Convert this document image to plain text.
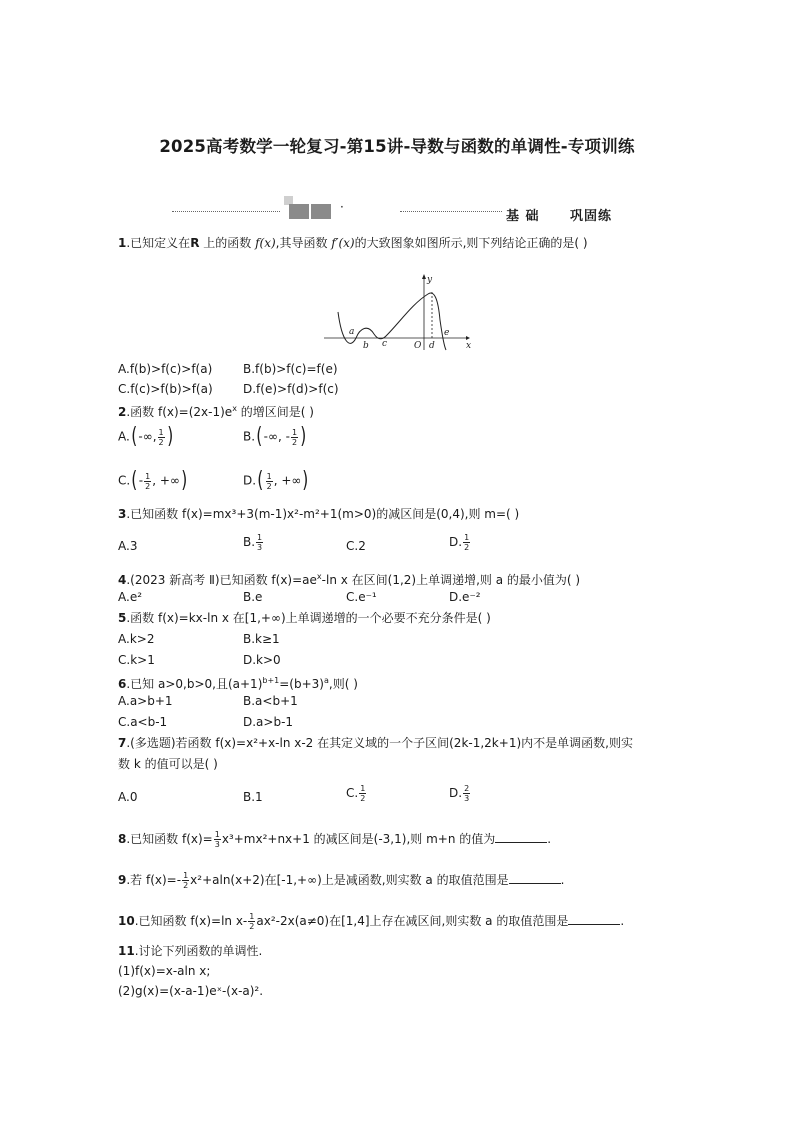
2025高考数学一轮复习-第15讲-导数与函数的单调性-专项训练
·
基 础 巩固练
1.已知定义在R 上的函数 f(x),其导函数 f′(x)的大致图象如图所示,则下列结论正确的是( )
y
x
O
a
b c	d
e
A.f(b)>f(c)>f(a)	B.f(b)>f(c)=f(e)
C.f(c)>f(b)>f(a)	D.f(e)>f(d)>f(c)
2.函数 $f(x)=(2x-1)e^x$ 的增区间是( )
A.(-∞, $\frac{1}{2}$ )	B.(-∞, - $\frac{1}{2}$ )
$C.(- \frac{1}{2}$ , +∞)	$D.( \frac{1}{2}$ , +∞)
3.已知函数 f(x)=mx³+3(m-1)x²-m²+1(m>0)的减区间是(0,4),则 m=( )
A.3	B. $\frac{1}{3}$	C.2	D. $\frac{1}{2}$
4.(2023 新高考 Ⅱ)已知函数 $f(x)=ae^x-\ln$ x 在区间(1,2)上单调递增,则 a 的最小值为( )
A.e²	B.e	C.e⁻¹	D.e⁻²
5.函数 f(x)=kx-ln x 在[1,+∞)上单调递增的一个必要不充分条件是( )
A.k>2	B.k≥1
C.k>1	D.k>0
6.已知 a>0,b>0,且$(a+1)^{b+1}=(b+3)^a$,则( )
A.a>b+1	B.a<b+1
C.a<b-1	D.a>b-1
7.(多选题)若函数 f(x)=x²+x-ln x-2 在其定义域的一个子区间(2k-1,2k+1)内不是单调函数,则实
数 k 的值可以是( )
A.0	B.1	C. $\frac{1}{2}$	D. $\frac{2}{3}$
8.已知函数 $f(x)= \frac{1}{3} x^3+mx^2+nx+1$ 的减区间是(-3,1),则 m+n 的值为	.
9.若 $f(x)=- \frac{1}{2} x^2+aln(x+2)$在[-1,+∞)上是减函数,则实数 a 的取值范围是	.
10.已知函数 f(x)=ln $x- \frac{1}{2} ax^2-2x(a\ne 0)$在[1,4]上存在减区间,则实数 a 的取值范围是	.
11.讨论下列函数的单调性.
(1)f(x)=x-aln x;
(2)g(x)=(x-a-1)eˣ-(x-a)².
